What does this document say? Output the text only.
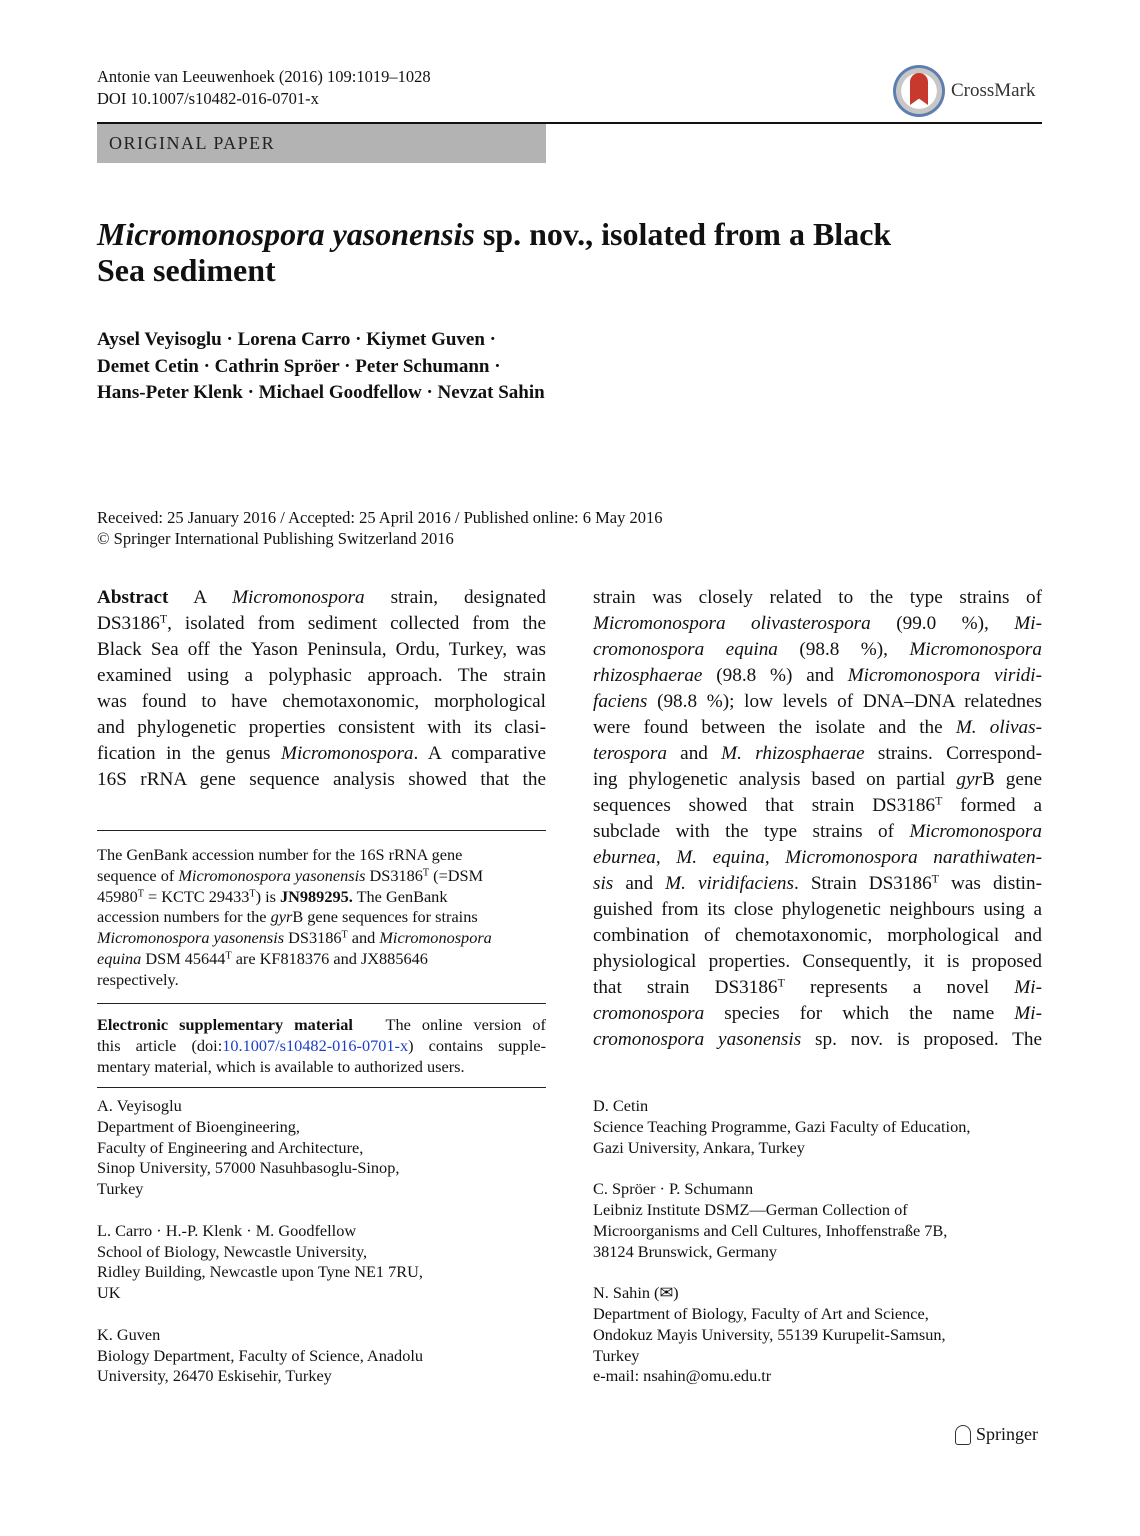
Antonie van Leeuwenhoek (2016) 109:1019–1028
DOI 10.1007/s10482-016-0701-x	CrossMark
ORIGINAL PAPER
Micromonospora yasonensis sp. nov., isolated from a Black
Sea sediment
Aysel Veyisoglu · Lorena Carro · Kiymet Guven ·
Demet Cetin · Cathrin Spröer · Peter Schumann ·
Hans-Peter Klenk · Michael Goodfellow · Nevzat Sahin
Received: 25 January 2016 / Accepted: 25 April 2016 / Published online: 6 May 2016
© Springer International Publishing Switzerland 2016
Abstract A Micromonospora strain, designated
$DS3186^T$, isolated from sediment collected from the
Black Sea off the Yason Peninsula, Ordu, Turkey, was
examined using a polyphasic approach. The strain
was found to have chemotaxonomic, morphological
and phylogenetic properties consistent with its clasi-
fication in the genus Micromonospora. A comparative
16S rRNA gene sequence analysis showed that the
strain was closely related to the type strains of
Micromonospora olivasterospora (99.0 %), Mi-
cromonospora equina (98.8 %), Micromonospora
rhizosphaerae (98.8 %) and Micromonospora viridi-
faciens (98.8 %); low levels of DNA–DNA relatednes
were found between the isolate and the M. olivas-
terospora and M. rhizosphaerae strains. Correspond-
ing phylogenetic analysis based on partial gyrB gene
sequences showed that strain $DS3186^T$ formed a
subclade with the type strains of Micromonospora
eburnea, M. equina, Micromonospora narathiwaten-
sis and M. viridifaciens. Strain $DS3186^T$ was distin-
guished from its close phylogenetic neighbours using a
combination of chemotaxonomic, morphological and
physiological properties. Consequently, it is proposed
that strain $DS3186^T$ represents a novel Mi-
cromonospora species for which the name Mi-
cromonospora yasonensis sp. nov. is proposed. The
The GenBank accession number for the 16S rRNA gene
sequence of Micromonospora yasonensis $DS3186^T$ (=DSM
$45980^T$ = KCTC $29433^T$) is JN989295. The GenBank
accession numbers for the gyrB gene sequences for strains
Micromonospora yasonensis $DS3186^T$ and Micromonospora
equina DSM $45644^T$ are KF818376 and JX885646
respectively.
Electronic supplementary material   The online version of
this article (doi:10.1007/s10482-016-0701-x) contains supple-
mentary material, which is available to authorized users.
A. Veyisoglu
Department of Bioengineering,
Faculty of Engineering and Architecture,
Sinop University, 57000 Nasuhbasoglu-Sinop,
Turkey
L. Carro · H.-P. Klenk · M. Goodfellow
School of Biology, Newcastle University,
Ridley Building, Newcastle upon Tyne NE1 7RU,
UK
K. Guven
Biology Department, Faculty of Science, Anadolu
University, 26470 Eskisehir, Turkey
D. Cetin
Science Teaching Programme, Gazi Faculty of Education,
Gazi University, Ankara, Turkey
C. Spröer · P. Schumann
Leibniz Institute DSMZ—German Collection of
Microorganisms and Cell Cultures, Inhoffenstraße 7B,
38124 Brunswick, Germany
N. Sahin (✉)
Department of Biology, Faculty of Art and Science,
Ondokuz Mayis University, 55139 Kurupelit-Samsun,
Turkey
e-mail: nsahin@omu.edu.tr
Springer
